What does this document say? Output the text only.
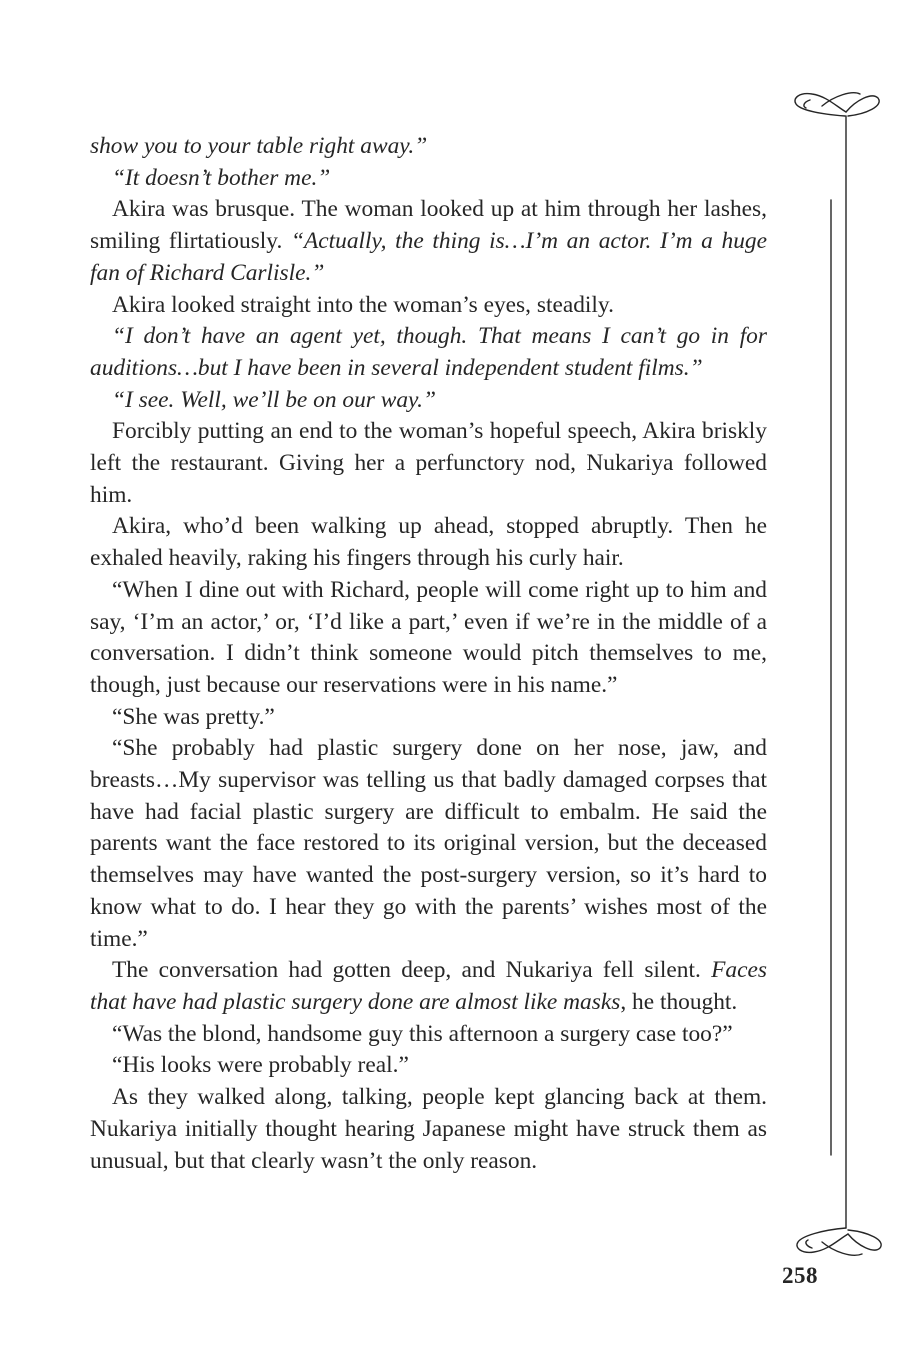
show you to your table right away.”

“It doesn’t bother me.”

Akira was brusque. The woman looked up at him through her lashes, smiling flirtatiously. “Actually, the thing is…I’m an actor. I’m a huge fan of Richard Carlisle.”

Akira looked straight into the woman’s eyes, steadily.

“I don’t have an agent yet, though. That means I can’t go in for auditions…but I have been in several independent student films.”

“I see. Well, we’ll be on our way.”

Forcibly putting an end to the woman’s hopeful speech, Akira briskly left the restaurant. Giving her a perfunctory nod, Nukariya followed him.

Akira, who’d been walking up ahead, stopped abruptly. Then he exhaled heavily, raking his fingers through his curly hair.

“When I dine out with Richard, people will come right up to him and say, ‘I’m an actor,’ or, ‘I’d like a part,’ even if we’re in the middle of a conversation. I didn’t think someone would pitch themselves to me, though, just because our reservations were in his name.”

“She was pretty.”

“She probably had plastic surgery done on her nose, jaw, and breasts…My supervisor was telling us that badly damaged corpses that have had facial plastic surgery are difficult to embalm. He said the parents want the face restored to its original version, but the deceased themselves may have wanted the post-surgery version, so it’s hard to know what to do. I hear they go with the parents’ wishes most of the time.”

The conversation had gotten deep, and Nukariya fell silent. Faces that have had plastic surgery done are almost like masks, he thought.

“Was the blond, handsome guy this afternoon a surgery case too?”

“His looks were probably real.”

As they walked along, talking, people kept glancing back at them. Nukariya initially thought hearing Japanese might have struck them as unusual, but that clearly wasn’t the only reason.

258
